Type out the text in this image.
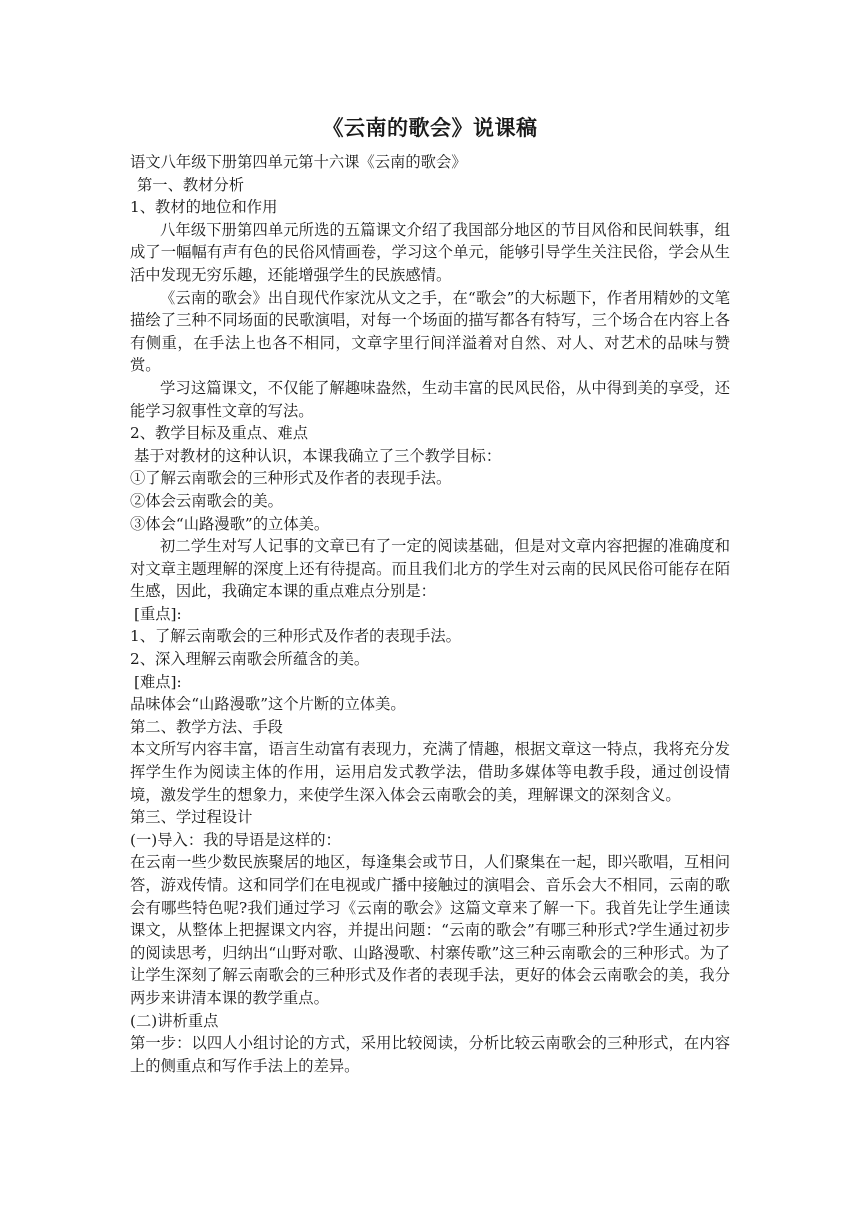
《云南的歌会》说课稿

语文八年级下册第四单元第十六课《云南的歌会》

第一、教材分析

1、教材的地位和作用

八年级下册第四单元所选的五篇课文介绍了我国部分地区的节目风俗和民间轶事，组成了一幅幅有声有色的民俗风情画卷，学习这个单元，能够引导学生关注民俗，学会从生活中发现无穷乐趣，还能增强学生的民族感情。

《云南的歌会》出自现代作家沈从文之手，在“歌会”的大标题下，作者用精妙的文笔描绘了三种不同场面的民歌演唱，对每一个场面的描写都各有特写，三个场合在内容上各有侧重，在手法上也各不相同，文章字里行间洋溢着对自然、对人、对艺术的品味与赞赏。

学习这篇课文，不仅能了解趣味盎然，生动丰富的民风民俗，从中得到美的享受，还能学习叙事性文章的写法。

2、教学目标及重点、难点

基于对教材的这种认识，本课我确立了三个教学目标：

①了解云南歌会的三种形式及作者的表现手法。

②体会云南歌会的美。

③体会“山路漫歌”的立体美。

初二学生对写人记事的文章已有了一定的阅读基础，但是对文章内容把握的准确度和对文章主题理解的深度上还有待提高。而且我们北方的学生对云南的民风民俗可能存在陌生感，因此，我确定本课的重点难点分别是：

[重点]:

1、了解云南歌会的三种形式及作者的表现手法。

2、深入理解云南歌会所蕴含的美。

[难点]:

品味体会“山路漫歌”这个片断的立体美。

第二、教学方法、手段

本文所写内容丰富，语言生动富有表现力，充满了情趣，根据文章这一特点，我将充分发挥学生作为阅读主体的作用，运用启发式教学法，借助多媒体等电教手段，通过创设情境，激发学生的想象力，来使学生深入体会云南歌会的美，理解课文的深刻含义。

第三、学过程设计

(一)导入：我的导语是这样的：

在云南一些少数民族聚居的地区，每逢集会或节日，人们聚集在一起，即兴歌唱，互相问答，游戏传情。这和同学们在电视或广播中接触过的演唱会、音乐会大不相同，云南的歌会有哪些特色呢?我们通过学习《云南的歌会》这篇文章来了解一下。我首先让学生通读课文，从整体上把握课文内容，并提出问题：“云南的歌会”有哪三种形式?学生通过初步的阅读思考，归纳出“山野对歌、山路漫歌、村寨传歌”这三种云南歌会的三种形式。为了让学生深刻了解云南歌会的三种形式及作者的表现手法，更好的体会云南歌会的美，我分两步来讲清本课的教学重点。

(二)讲析重点

第一步：以四人小组讨论的方式，采用比较阅读，分析比较云南歌会的三种形式，在内容上的侧重点和写作手法上的差异。
